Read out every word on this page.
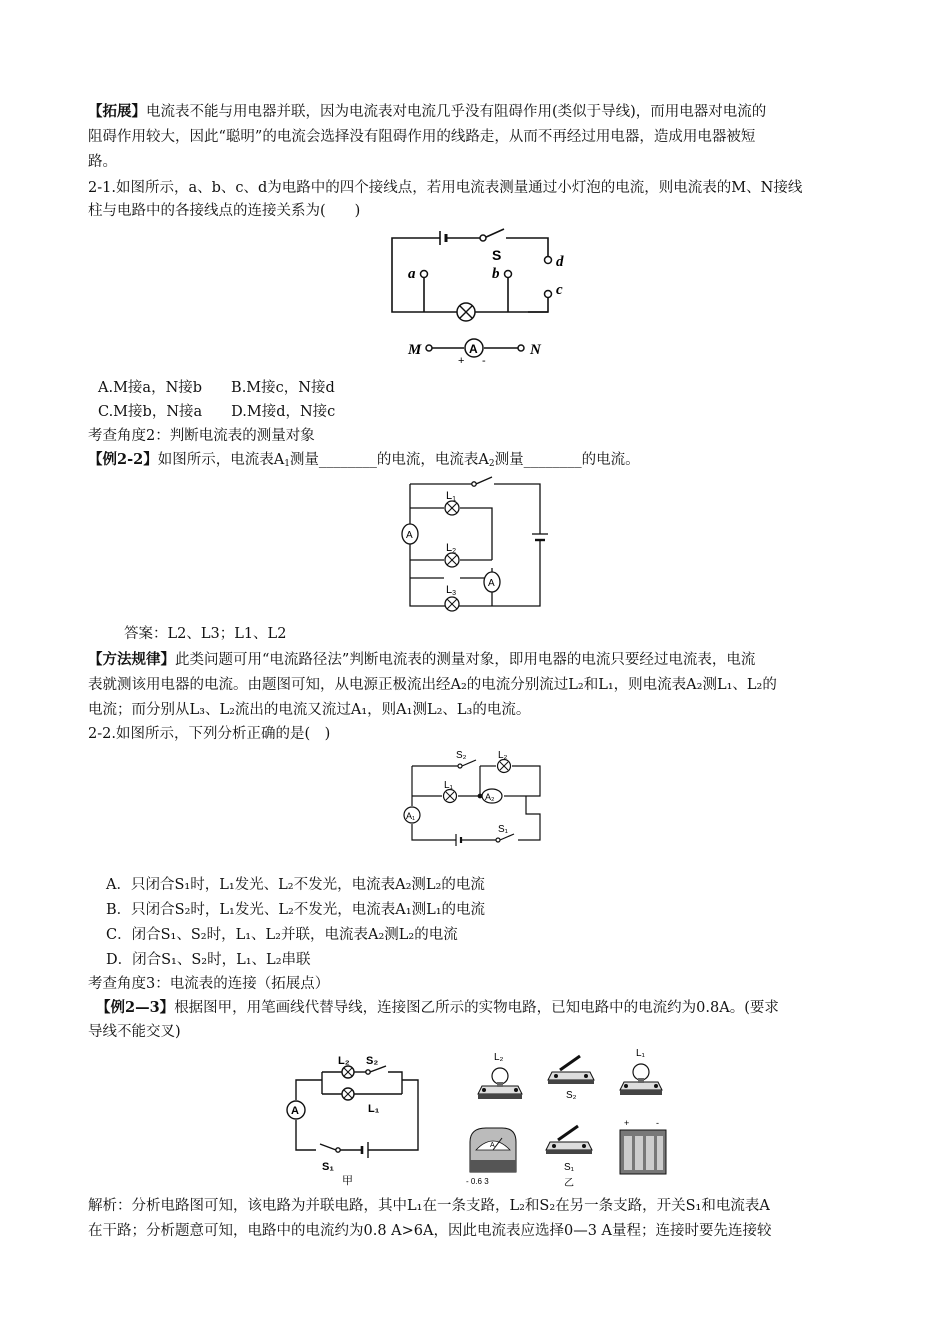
【拓展】电流表不能与用电器并联，因为电流表对电流几乎没有阻碍作用(类似于导线)，而用电器对电流的
阻碍作用较大，因此“聪明”的电流会选择没有阻碍作用的线路走，从而不再经过用电器，造成用电器被短
路。
2-1.如图所示，a、b、c、d为电路中的四个接线点，若用电流表测量通过小灯泡的电流，则电流表的M、N接线
柱与电路中的各接线点的连接关系为(　　)
S	d
c
a	b
A
M	N
+ -
A.M接a，N接b　　B.M接c，N接d
C.M接b，N接a　　D.M接d，N接c
考查角度2：判断电流表的测量对象
【例2-2】如图所示，电流表$A_1$测量________的电流，电流表$A_2$测量________的电流。
L1
L2
L3
A
A
答案：L2、L3；L1、L2
【方法规律】此类问题可用“电流路径法”判断电流表的测量对象，即用电器的电流只要经过电流表，电流
表就测该用电器的电流。由题图可知，从电源正极流出经A₂的电流分别流过L₂和L₁，则电流表A₂测L₁、L₂的
电流；而分别从L₃、L₂流出的电流又流过A₁，则A₁测L₂、L₃的电流。
2-2.如图所示，下列分析正确的是(　)
S₂	L₂
L₁
A₂
A₁
S₁
A．只闭合S₁时，L₁发光、L₂不发光，电流表A₂测L₂的电流
B．只闭合S₂时，L₁发光、L₂不发光，电流表A₁测L₁的电流
C．闭合S₁、S₂时，L₁、L₂并联，电流表A₂测L₂的电流
D．闭合S₁、S₂时，L₁、L₂串联
考查角度3：电流表的连接（拓展点）
【例2—3】根据图甲，用笔画线代替导线，连接图乙所示的实物电路，已知电路中的电流约为0.8A。(要求
导线不能交叉)
L₂ S₂
L₁
A
S₁
甲
L₂
S₂
L₁
A
- 0.6 3
S₁
乙
+	-
解析：分析电路图可知，该电路为并联电路，其中L₁在一条支路，L₂和S₂在另一条支路，开关S₁和电流表A
在干路；分析题意可知，电路中的电流约为0.8 A>6A，因此电流表应选择0—3 A量程；连接时要先连接较
